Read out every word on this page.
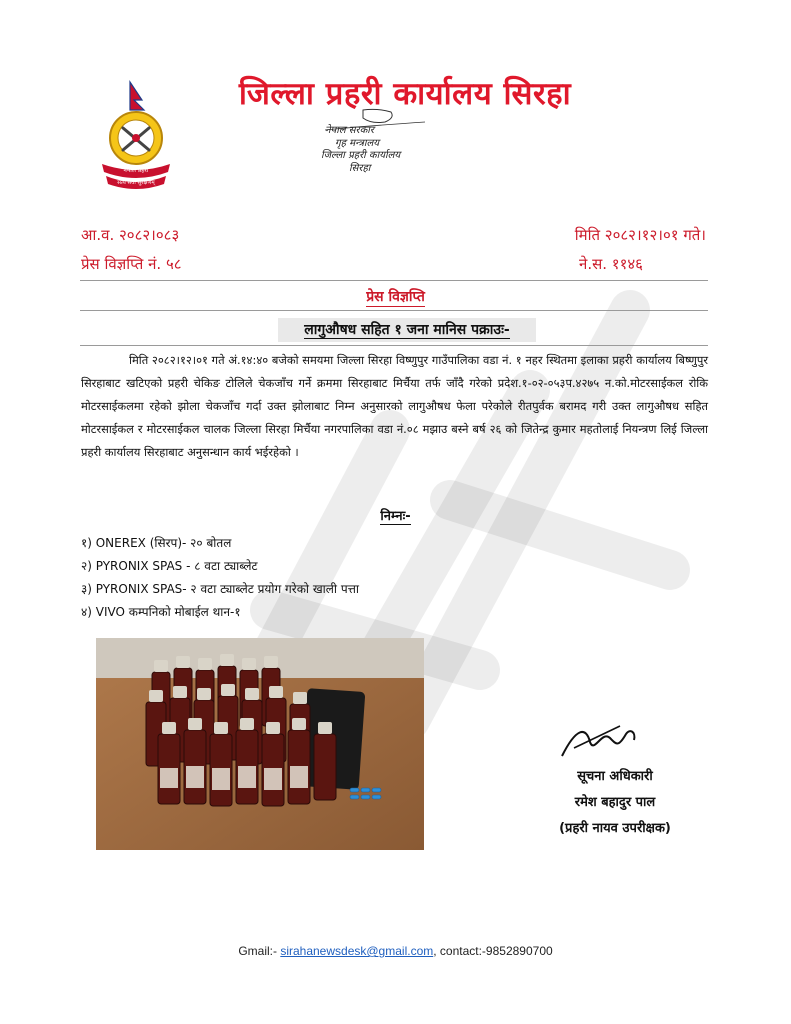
जिल्ला प्रहरी कार्यालय सिरहा
नेपाल प्रहरी
सत्य सेवा सुरक्षणम्
नेपाल सरकार
गृह मन्त्रालय
जिल्ला प्रहरी कार्यालय
सिरहा
आ.व. २०८२।०८३	मिति २०८२।१२।०१ गते।
प्रेस विज्ञप्ति नं. ५८	ने.स. ११४६
प्रेस विज्ञप्ति
लागुऔषध सहित १ जना मानिस पक्राउः-

मिति २०८२।१२।०१ गते अं.१४:४० बजेको समयमा जिल्ला सिरहा विष्णुपुर गाउँपालिका वडा नं. १ नहर स्थितमा इलाका प्रहरी कार्यालय बिष्णुपुर सिरहाबाट खटिएको प्रहरी चेकिङ टोलिले चेकजाँच गर्ने क्रममा सिरहाबाट मिर्चैया तर्फ जाँदै गरेको प्रदेश.१-०२-०५३प.४२७५ न.को.मोटरसाईकल रोकि मोटरसाईकलमा रहेको झोला चेकजाँच गर्दा उक्त झोलाबाट निम्न अनुसारको लागुऔषध फेला परेकोले रीतपुर्वक बरामद गरी उक्त लागुऔषध सहित मोटरसाईकल र मोटरसाईकल चालक जिल्ला सिरहा मिर्चैया नगरपालिका वडा नं.०८ मझाउ बस्ने बर्ष २६ को जितेन्द्र कुमार महतोलाई नियन्त्रण लिई जिल्ला प्रहरी कार्यालय सिरहाबाट अनुसन्धान कार्य भईरहेको ।

निम्नः-
१) ONEREX (सिरप)- २० बोतल
२) PYRONIX SPAS - ८ वटा ट्याब्लेट
३) PYRONIX SPAS- २ वटा ट्याब्लेट प्रयोग गरेको खाली पत्ता
४) VIVO कम्पनिको मोबाईल थान-१
सूचना अधिकारी
रमेश बहादुर पाल
(प्रहरी नायव उपरीक्षक)
Gmail:- sirahanewsdesk@gmail.com, contact:-9852890700
